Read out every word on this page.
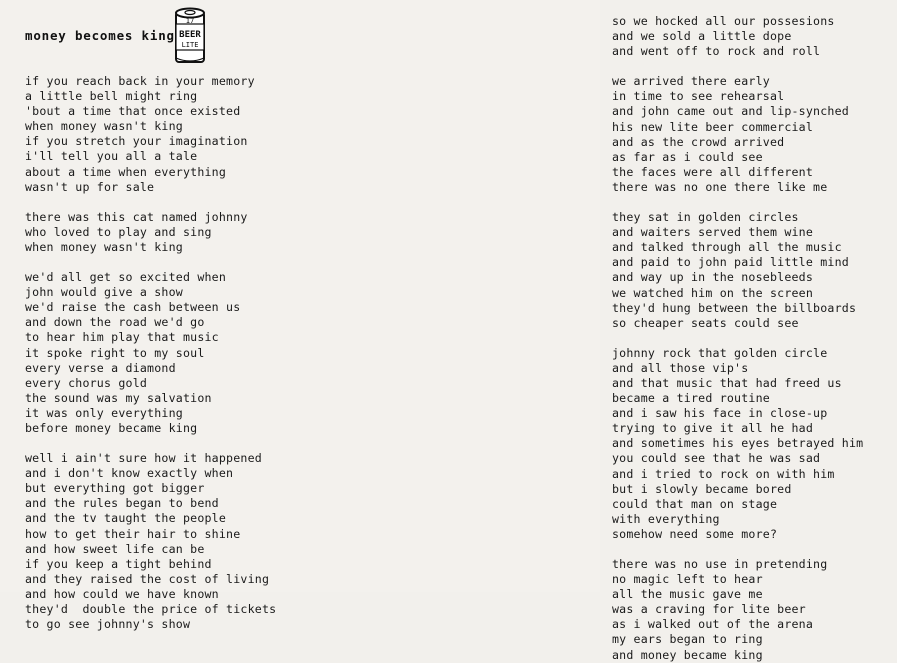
money becomes king
17
BEER
LITE
if you reach back in your memory
a little bell might ring
'bout a time that once existed
when money wasn't king
if you stretch your imagination
i'll tell you all a tale
about a time when everything
wasn't up for sale
there was this cat named johnny
who loved to play and sing
when money wasn't king
we'd all get so excited when
john would give a show
we'd raise the cash between us
and down the road we'd go
to hear him play that music
it spoke right to my soul
every verse a diamond
every chorus gold
the sound was my salvation
it was only everything
before money became king
well i ain't sure how it happened
and i don't know exactly when
but everything got bigger
and the rules began to bend
and the tv taught the people
how to get their hair to shine
and how sweet life can be
if you keep a tight behind
and they raised the cost of living
and how could we have known
they'd  double the price of tickets
to go see johnny's show
so we hocked all our possesions
and we sold a little dope
and went off to rock and roll
we arrived there early
in time to see rehearsal
and john came out and lip-synched
his new lite beer commercial
and as the crowd arrived
as far as i could see
the faces were all different
there was no one there like me
they sat in golden circles
and waiters served them wine
and talked through all the music
and paid to john paid little mind
and way up in the nosebleeds
we watched him on the screen
they'd hung between the billboards
so cheaper seats could see
johnny rock that golden circle
and all those vip's
and that music that had freed us
became a tired routine
and i saw his face in close-up
trying to give it all he had
and sometimes his eyes betrayed him
you could see that he was sad
and i tried to rock on with him
but i slowly became bored
could that man on stage
with everything
somehow need some more?
there was no use in pretending
no magic left to hear
all the music gave me
was a craving for lite beer
as i walked out of the arena
my ears began to ring
and money became king
